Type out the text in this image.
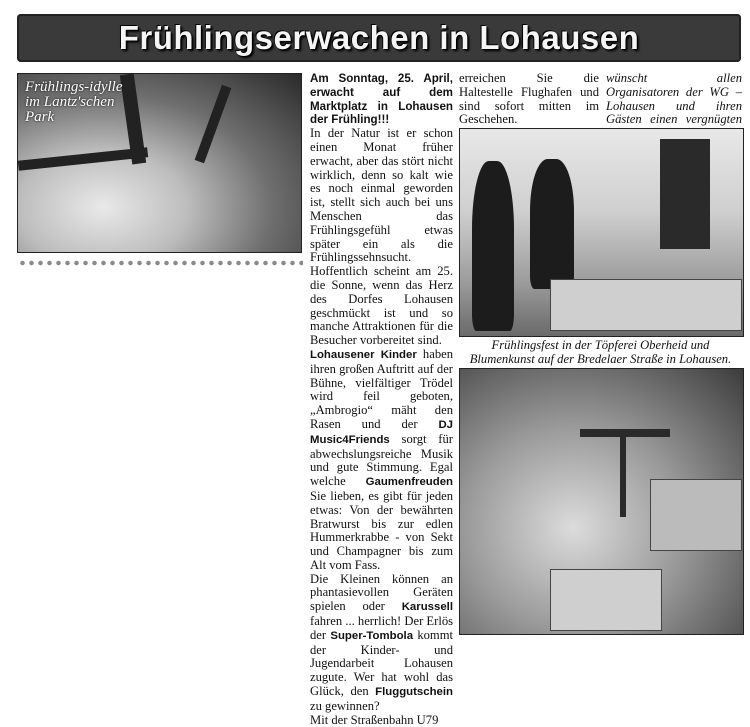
Frühlingserwachen in Lohausen
Frühlings-idylle im Lantz'schen Park

Am Sonntag, 25. April, erwacht auf dem Marktplatz in Lohausen der Frühling!!!

In der Natur ist er schon einen Monat früher erwacht, aber das stört nicht wirklich, denn so kalt wie es noch einmal geworden ist, stellt sich auch bei uns Menschen das Frühlingsgefühl etwas später ein als die Frühlingssehnsucht.

Hoffentlich scheint am 25. die Sonne, wenn das Herz des Dorfes Lohausen geschmückt ist und so manche Attraktionen für die Besucher vorbereitet sind.

Lohausener Kinder haben ihren großen Auftritt auf der Bühne, vielfältiger Trödel wird feil geboten, „Ambrogio“ mäht den Rasen und der DJ Music4Friends sorgt für abwechslungsreiche Musik und gute Stimmung. Egal welche Gaumenfreuden Sie lieben, es gibt für jeden etwas: Von der bewährten Bratwurst bis zur edlen Hummerkrabbe - von Sekt und Champagner bis zum Alt vom Fass.

Die Kleinen können an phantasievollen Geräten spielen oder Karussell fahren ... herrlich! Der Erlös der Super-Tombola kommt der Kinder- und Jugendarbeit Lohausen zugute. Wer hat wohl das Glück, den Fluggutschein zu gewinnen?

Mit der Straßenbahn U79

erreichen Sie die Haltestelle Flughafen und sind sofort mitten im Geschehen.

wünscht allen Organisatoren der WG – Lohausen und ihren Gästen einen vergnügten

Frühlingsfest in der Töpferei Oberheid und Blumenkunst auf der Bredelaer Straße in Lohausen.
